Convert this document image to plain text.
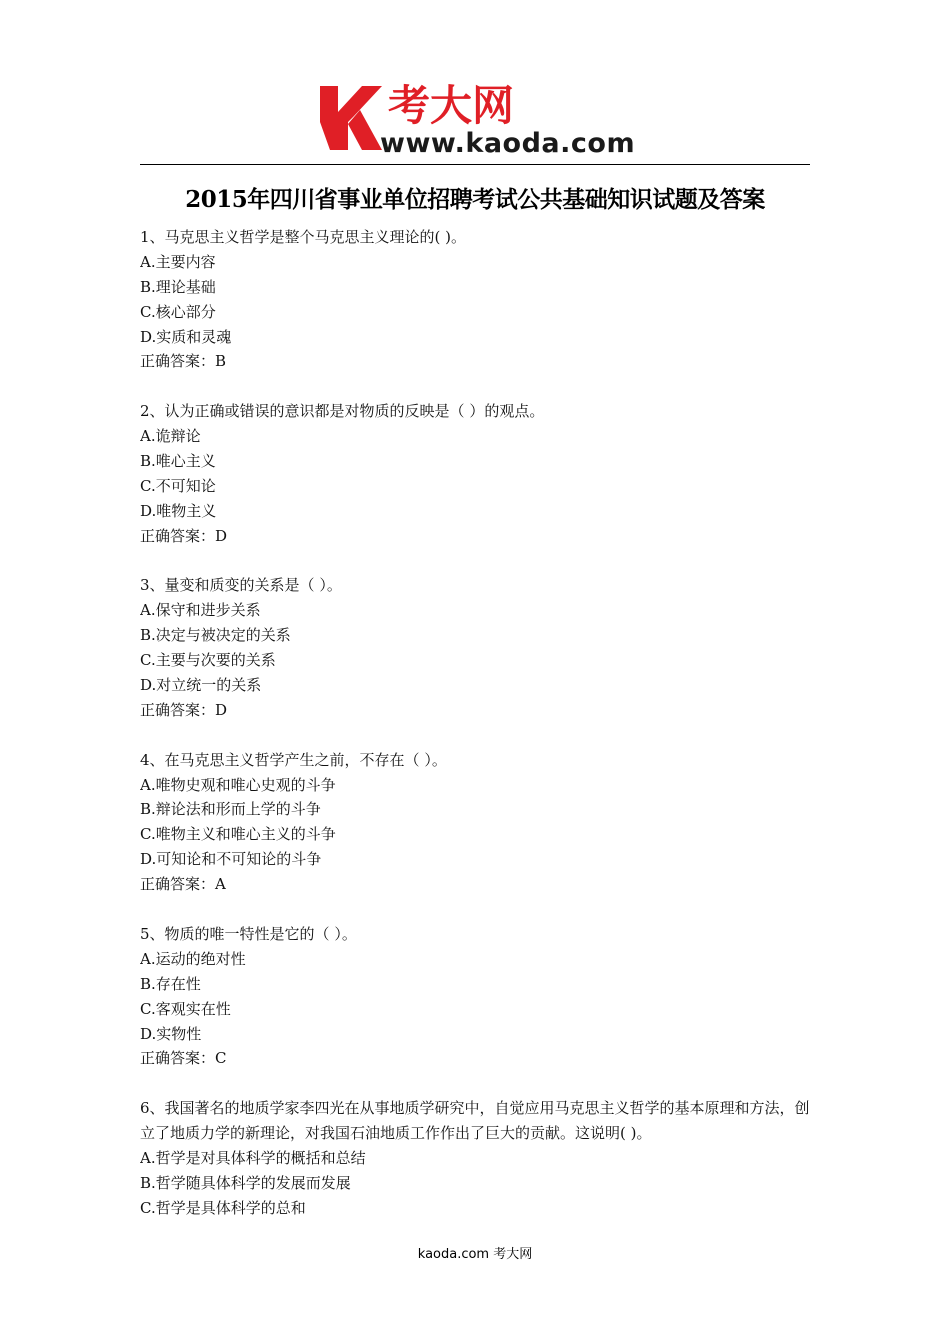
考大网
www.kaoda.com
2015年四川省事业单位招聘考试公共基础知识试题及答案
1、马克思主义哲学是整个马克思主义理论的( )。
A.主要内容
B.理论基础
C.核心部分
D.实质和灵魂
正确答案：B
2、认为正确或错误的意识都是对物质的反映是（ ）的观点。
A.诡辩论
B.唯心主义
C.不可知论
D.唯物主义
正确答案：D
3、量变和质变的关系是（ ）。
A.保守和进步关系
B.决定与被决定的关系
C.主要与次要的关系
D.对立统一的关系
正确答案：D
4、在马克思主义哲学产生之前，不存在（ ）。
A.唯物史观和唯心史观的斗争
B.辩论法和形而上学的斗争
C.唯物主义和唯心主义的斗争
D.可知论和不可知论的斗争
正确答案：A
5、物质的唯一特性是它的（ ）。
A.运动的绝对性
B.存在性
C.客观实在性
D.实物性
正确答案：C
6、我国著名的地质学家李四光在从事地质学研究中，自觉应用马克思主义哲学的基本原理和方法，创立了地质力学的新理论，对我国石油地质工作作出了巨大的贡献。这说明( )。
A.哲学是对具体科学的概括和总结
B.哲学随具体科学的发展而发展
C.哲学是具体科学的总和
kaoda.com 考大网
